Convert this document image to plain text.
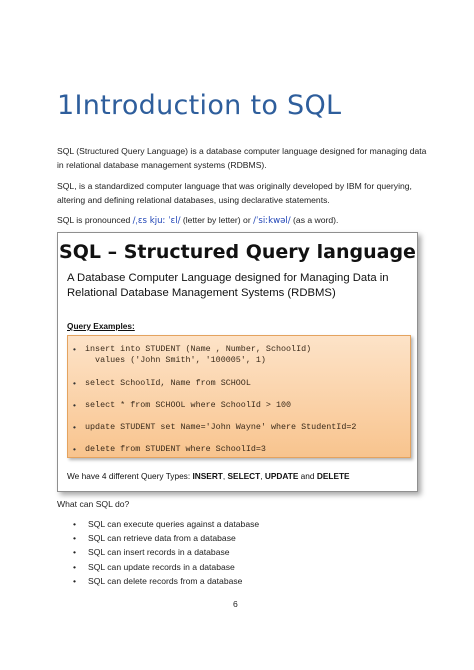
1Introduction to SQL

SQL (Structured Query Language) is a database computer language designed for managing data in relational database management systems (RDBMS).

SQL, is a standardized computer language that was originally developed by IBM for querying, altering and defining relational databases, using declarative statements.

SQL is pronounced /ˌɛs kjuː ˈɛl/ (letter by letter) or /ˈsiːkwəl/ (as a word).

SQL – Structured Query language

A Database Computer Language designed for Managing Data in Relational Database Management Systems (RDBMS)

Query Examples:

• insert into STUDENT (Name , Number, SchoolId)
values ('John Smith', '100005', 1)
• select SchoolId, Name from SCHOOL
• select * from SCHOOL where SchoolId > 100
• update STUDENT set Name='John Wayne' where StudentId=2
• delete from STUDENT where SchoolId=3

We have 4 different Query Types: INSERT, SELECT, UPDATE and DELETE

What can SQL do?

• SQL can execute queries against a database
• SQL can retrieve data from a database
• SQL can insert records in a database
• SQL can update records in a database
• SQL can delete records from a database

6
